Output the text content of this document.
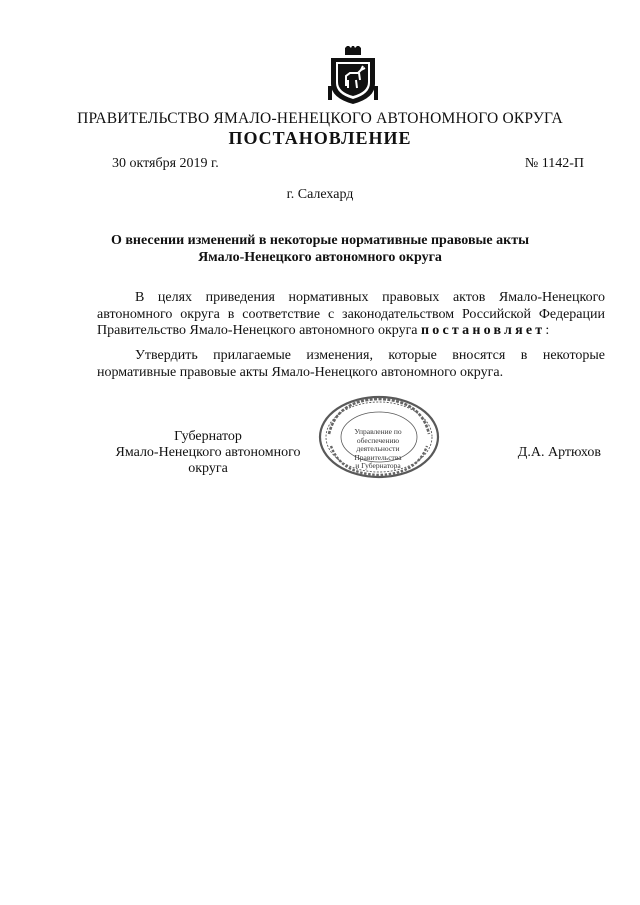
ПРАВИТЕЛЬСТВО ЯМАЛО-НЕНЕЦКОГО АВТОНОМНОГО ОКРУГА
ПОСТАНОВЛЕНИЕ
30 октября 2019 г.	№ 1142-П
г. Салехард
О внесении изменений в некоторые нормативные правовые акты
Ямало-Ненецкого автономного округа
В целях приведения нормативных правовых актов Ямало-Ненецкого автономного округа в соответствие с законодательством Российской Федерации Правительство Ямало-Ненецкого автономного округа постановляет:
Утвердить прилагаемые изменения, которые вносятся в некоторые нормативные правовые акты Ямало-Ненецкого автономного округа.
Губернатор
Ямало-Ненецкого автономного округа
Управление по
обеспечению
деятельности
Правительства
и Губернатора
Д.А. Артюхов
